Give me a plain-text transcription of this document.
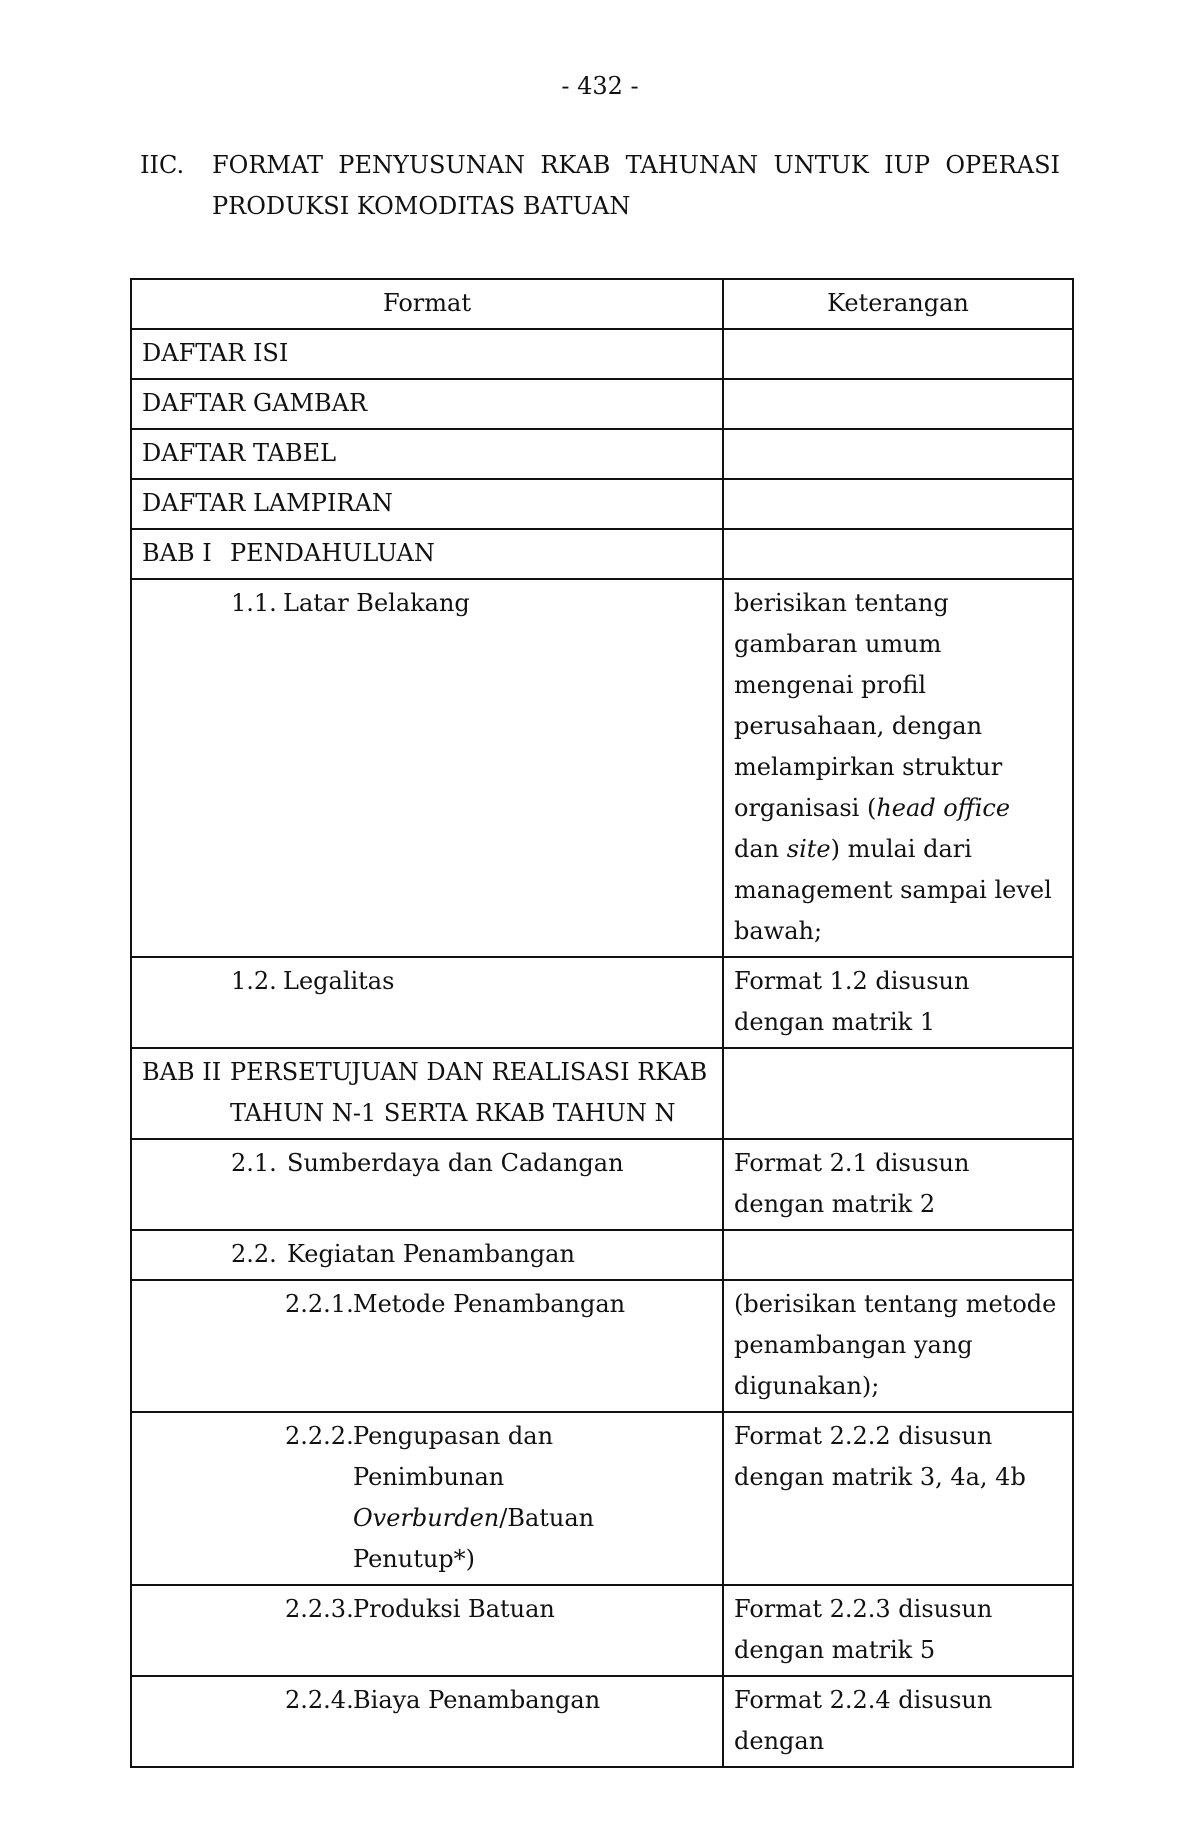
- 432 -
IIC. FORMAT PENYUSUNAN RKAB TAHUNAN UNTUK IUP OPERASI
PRODUKSI KOMODITAS BATUAN
Format	Keterangan
DAFTAR ISI	
DAFTAR GAMBAR	
DAFTAR TABEL	
DAFTAR LAMPIRAN	

BAB I PENDAHULUAN	

1.1. Latar Belakang	berisikan tentang gambaran umum mengenai profil perusahaan, dengan melampirkan struktur organisasi (head office dan site) mulai dari management sampai level bawah;

1.2. Legalitas	Format 1.2 disusun dengan matrik 1

BAB II PERSETUJUAN DAN REALISASI RKAB
TAHUN N-1 SERTA RKAB TAHUN N	

2.1. Sumberdaya dan Cadangan	Format 2.1 disusun dengan matrik 2

2.2. Kegiatan Penambangan	

2.2.1. Metode Penambangan	(berisikan tentang metode penambangan yang digunakan);

2.2.2. Pengupasan dan
Penimbunan
Overburden/Batuan
Penutup*)	Format 2.2.2 disusun dengan matrik 3, 4a, 4b

2.2.3. Produksi Batuan	Format 2.2.3 disusun dengan matrik 5

2.2.4. Biaya Penambangan	Format 2.2.4 disusun dengan
